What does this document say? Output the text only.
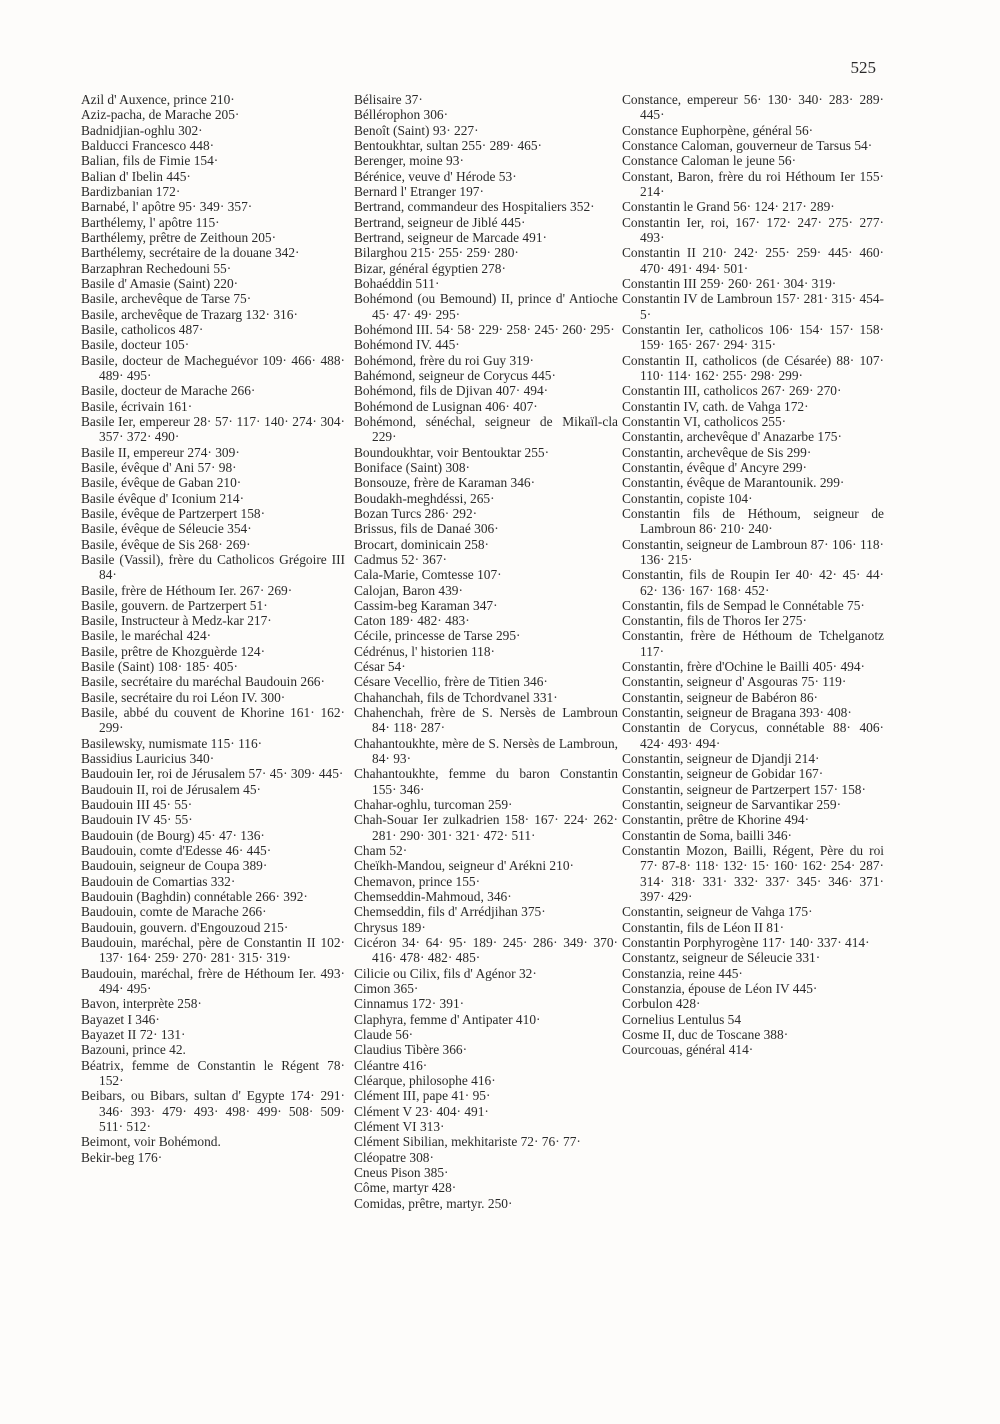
525
Azil d' Auxence, prince 210·
Aziz-pacha, de Marache 205·
Badnidjian-oghlu 302·
Balducci Francesco 448·
Balian, fils de Fimie 154·
Balian d' Ibelin 445·
Bardizbanian 172·
Barnabé, l' apôtre 95· 349· 357·
Barthélemy, l' apôtre 115·
Barthélemy, prêtre de Zeithoun 205·
Barthélemy, secrétaire de la douane 342·
Barzaphran Rechedouni 55·
Basile d' Amasie (Saint) 220·
Basile, archevêque de Tarse 75·
Basile, archevêque de Trazarg 132· 316·
Basile, catholicos 487·
Basile, docteur 105·
Basile, docteur de Macheguévor 109· 466· 488· 489· 495·
Basile, docteur de Marache 266·
Basile, écrivain 161·
Basile Ier, empereur 28· 57· 117· 140· 274· 304· 357· 372· 490·
Basile II, empereur 274· 309·
Basile, évêque d' Ani 57· 98·
Basile, évêque de Gaban 210·
Basile évêque d' Iconium 214·
Basile, évêque de Partzerpert 158·
Basile, évêque de Séleucie 354·
Basile, évêque de Sis 268· 269·
Basile (Vassil), frère du Catholicos Grégoire III 84·
Basile, frère de Héthoum Ier. 267· 269·
Basile, gouvern. de Partzerpert 51·
Basile, Instructeur à Medz-kar 217·
Basile, le maréchal 424·
Basile, prêtre de Khozguèrde 124·
Basile (Saint) 108· 185· 405·
Basile, secrétaire du maréchal Baudouin 266·
Basile, secrétaire du roi Léon IV. 300·
Basile, abbé du couvent de Khorine 161· 162· 299·
Basilewsky, numismate 115· 116·
Bassidius Lauricius 340·
Baudouin Ier, roi de Jérusalem 57· 45· 309· 445·
Baudouin II, roi de Jérusalem 45·
Baudouin III 45· 55·
Baudouin IV 45· 55·
Baudouin (de Bourg) 45· 47· 136·
Baudouin, comte d'Edesse 46· 445·
Baudouin, seigneur de Coupa 389·
Baudouin de Comartias 332·
Baudouin (Baghdin) connétable 266· 392·
Baudouin, comte de Marache 266·
Baudouin, gouvern. d'Engouzoud 215·
Baudouin, maréchal, père de Constantin II 102· 137· 164· 259· 270· 281· 315· 319·
Baudouin, maréchal, frère de Héthoum Ier. 493· 494· 495·
Bavon, interprète 258·
Bayazet I 346·
Bayazet II 72· 131·
Bazouni, prince 42.
Béatrix, femme de Constantin le Régent 78· 152·
Beibars, ou Bibars, sultan d' Egypte 174· 291· 346· 393· 479· 493· 498· 499· 508· 509· 511· 512·
Beimont, voir Bohémond.
Bekir-beg 176·
Bélisaire 37·
Béllérophon 306·
Benoît (Saint) 93· 227·
Bentoukhtar, sultan 255· 289· 465·
Berenger, moine 93·
Bérénice, veuve d' Hérode 53·
Bernard l' Etranger 197·
Bertrand, commandeur des Hospitaliers 352·
Bertrand, seigneur de Jiblé 445·
Bertrand, seigneur de Marcade 491·
Bilarghou 215· 255· 259· 280·
Bizar, général égyptien 278·
Bohaéddin 511·
Bohémond (ou Bemound) II, prince d' Antioche 45· 47· 49· 295·
Bohémond III. 54· 58· 229· 258· 245· 260· 295·
Bohémond IV. 445·
Bohémond, frère du roi Guy 319·
Bahémond, seigneur de Corycus 445·
Bohémond, fils de Djivan 407· 494·
Bohémond de Lusignan 406· 407·
Bohémond, sénéchal, seigneur de Mikaïl-cla 229·
Boundoukhtar, voir Bentouktar 255·
Boniface (Saint) 308·
Bonsouze, frère de Karaman 346·
Boudakh-meghdéssi, 265·
Bozan Turcs 286· 292·
Brissus, fils de Danaé 306·
Brocart, dominicain 258·
Cadmus 52· 367·
Cala-Marie, Comtesse 107·
Calojan, Baron 439·
Cassim-beg Karaman 347·
Caton 189· 482· 483·
Cécile, princesse de Tarse 295·
Cédrénus, l' historien 118·
César 54·
Césare Vecellio, frère de Titien 346·
Chahanchah, fils de Tchordvanel 331·
Chahenchah, frère de S. Nersès de Lambroun 84· 118· 287·
Chahantoukhte, mère de S. Nersès de Lambroun, 84· 93·
Chahantoukhte, femme du baron Constantin 155· 346·
Chahar-oghlu, turcoman 259·
Chah-Souar Ier zulkadrien 158· 167· 224· 262· 281· 290· 301· 321· 472· 511·
Cham 52·
Cheïkh-Mandou, seigneur d' Arékni 210·
Chemavon, prince 155·
Chemseddin-Mahmoud, 346·
Chemseddin, fils d' Arrédjihan 375·
Chrysus 189·
Cicéron 34· 64· 95· 189· 245· 286· 349· 370· 416· 478· 482· 485·
Cilicie ou Cilix, fils d' Agénor 32·
Cimon 365·
Cinnamus 172· 391·
Claphyra, femme d' Antipater 410·
Claude 56·
Claudius Tibère 366·
Cléantre 416·
Cléarque, philosophe 416·
Clément III, pape 41· 95·
Clément V 23· 404· 491·
Clément VI 313·
Clément Sibilian, mekhitariste 72· 76· 77·
Cléopatre 308·
Cneus Pison 385·
Côme, martyr 428·
Comidas, prêtre, martyr. 250·
Constance, empereur 56· 130· 340· 283· 289· 445·
Constance Euphorpène, général 56·
Constance Caloman, gouverneur de Tarsus 54·
Constance Caloman le jeune 56·
Constant, Baron, frère du roi Héthoum Ier 155· 214·
Constantin le Grand 56· 124· 217· 289·
Constantin Ier, roi, 167· 172· 247· 275· 277· 493·
Constantin II 210· 242· 255· 259· 445· 460· 470· 491· 494· 501·
Constantin III 259· 260· 261· 304· 319·
Constantin IV de Lambroun 157· 281· 315· 454-5·
Constantin Ier, catholicos 106· 154· 157· 158· 159· 165· 267· 294· 315·
Constantin II, catholicos (de Césarée) 88· 107· 110· 114· 162· 255· 298· 299·
Constantin III, catholicos 267· 269· 270·
Constantin IV, cath. de Vahga 172·
Constantin VI, catholicos 255·
Constantin, archevêque d' Anazarbe 175·
Constantin, archevêque de Sis 299·
Constantin, évêque d' Ancyre 299·
Constantin, évêque de Marantounik. 299·
Constantin, copiste 104·
Constantin fils de Héthoum, seigneur de Lambroun 86· 210· 240·
Constantin, seigneur de Lambroun 87· 106· 118· 136· 215·
Constantin, fils de Roupin Ier 40· 42· 45· 44· 62· 136· 167· 168· 452·
Constantin, fils de Sempad le Connétable 75·
Constantin, fils de Thoros Ier 275·
Constantin, frère de Héthoum de Tchelganotz 117·
Constantin, frère d'Ochine le Bailli 405· 494·
Constantin, seigneur d' Asgouras 75· 119·
Constantin, seigneur de Babéron 86·
Constantin, seigneur de Bragana 393· 408·
Constantin de Corycus, connétable 88· 406· 424· 493· 494·
Constantin, seigneur de Djandji 214·
Constantin, seigneur de Gobidar 167·
Constantin, seigneur de Partzerpert 157· 158·
Constantin, seigneur de Sarvantikar 259·
Constantin, prêtre de Khorine 494·
Constantin de Soma, bailli 346·
Constantin Mozon, Bailli, Régent, Père du roi 77· 87-8· 118· 132· 15· 160· 162· 254· 287· 314· 318· 331· 332· 337· 345· 346· 371· 397· 429·
Constantin, seigneur de Vahga 175·
Constantin, fils de Léon II 81·
Constantin Porphyrogène 117· 140· 337· 414·
Constantz, seigneur de Séleucie 331·
Constanzia, reine 445·
Constanzia, épouse de Léon IV 445·
Corbulon 428·
Cornelius Lentulus 54
Cosme II, duc de Toscane 388·
Courcouas, général 414·
